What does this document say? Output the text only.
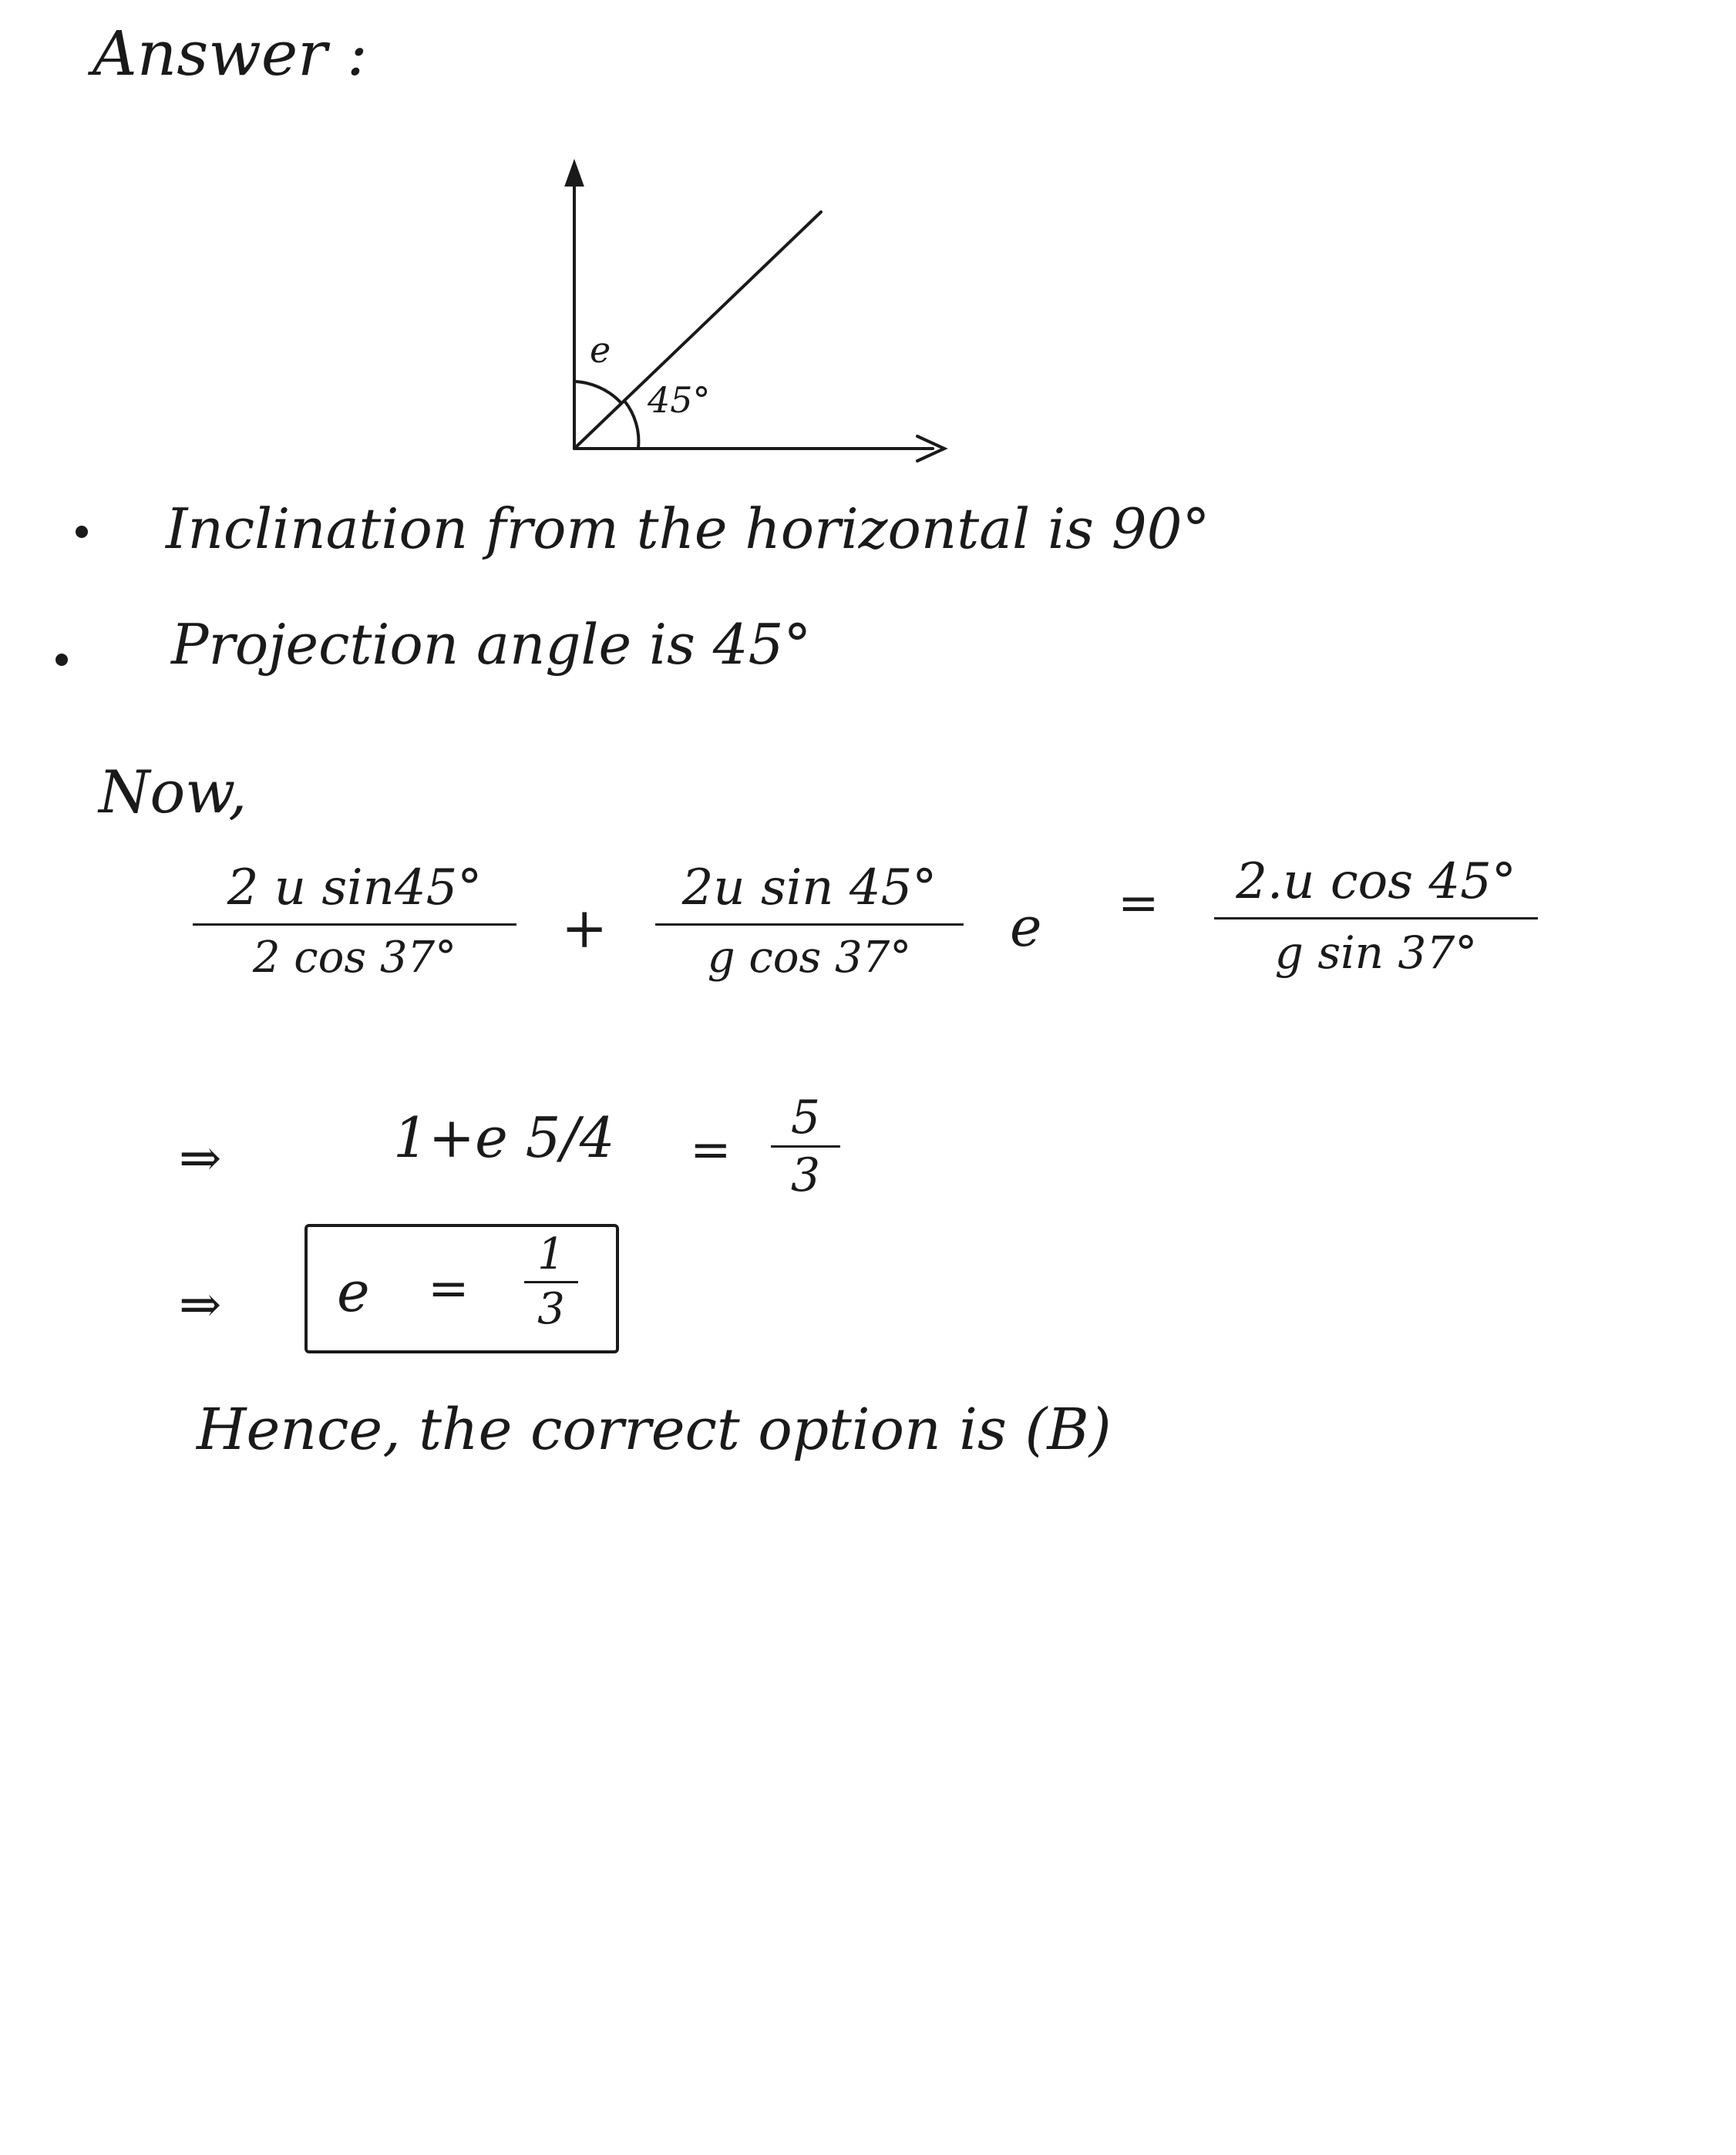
Answer :
45°
e
Inclination from the horizontal is 90°
Projection angle is 45°
Now,
2 u sin45°
2 cos 37°	+
2u sin 45°
g cos 37°	e =	2.u cos 45°
g sin 37°
⇒	1+e 5/4 =
5
3
⇒ e =
1
3
Hence, the correct option is (B)
